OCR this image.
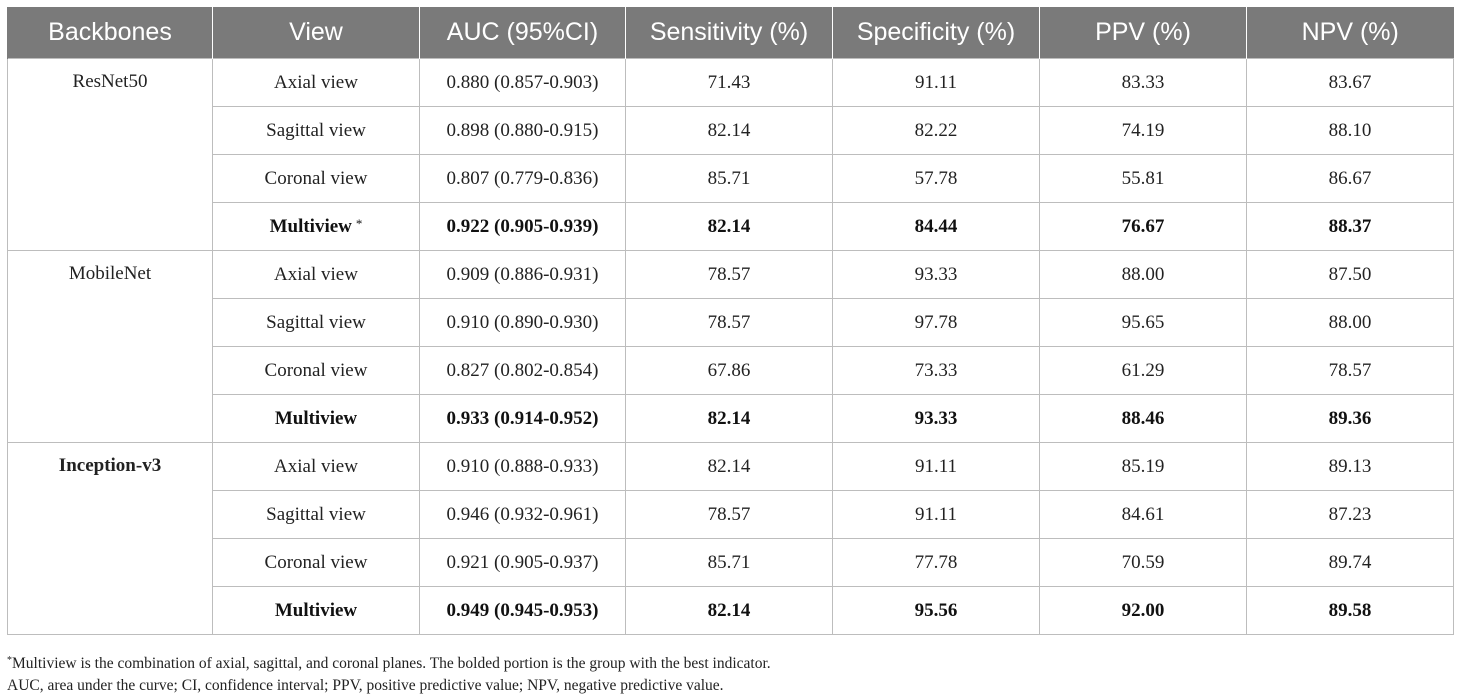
Backbones	View	AUC (95%CI)	Sensitivity (%)	Specificity (%)	PPV (%)	NPV (%)
ResNet50	Axial view	0.880 (0.857-0.903)	71.43	91.11	83.33	83.67
	Sagittal view	0.898 (0.880-0.915)	82.14	82.22	74.19	88.10
	Coronal view	0.807 (0.779-0.836)	85.71	57.78	55.81	86.67
	Multiview *	0.922 (0.905-0.939)	82.14	84.44	76.67	88.37
MobileNet	Axial view	0.909 (0.886-0.931)	78.57	93.33	88.00	87.50
	Sagittal view	0.910 (0.890-0.930)	78.57	97.78	95.65	88.00
	Coronal view	0.827 (0.802-0.854)	67.86	73.33	61.29	78.57
	Multiview	0.933 (0.914-0.952)	82.14	93.33	88.46	89.36
Inception-v3	Axial view	0.910 (0.888-0.933)	82.14	91.11	85.19	89.13
	Sagittal view	0.946 (0.932-0.961)	78.57	91.11	84.61	87.23
	Coronal view	0.921 (0.905-0.937)	85.71	77.78	70.59	89.74
	Multiview	0.949 (0.945-0.953)	82.14	95.56	92.00	89.58

*Multiview is the combination of axial, sagittal, and coronal planes. The bolded portion is the group with the best indicator.

AUC, area under the curve; CI, confidence interval; PPV, positive predictive value; NPV, negative predictive value.
